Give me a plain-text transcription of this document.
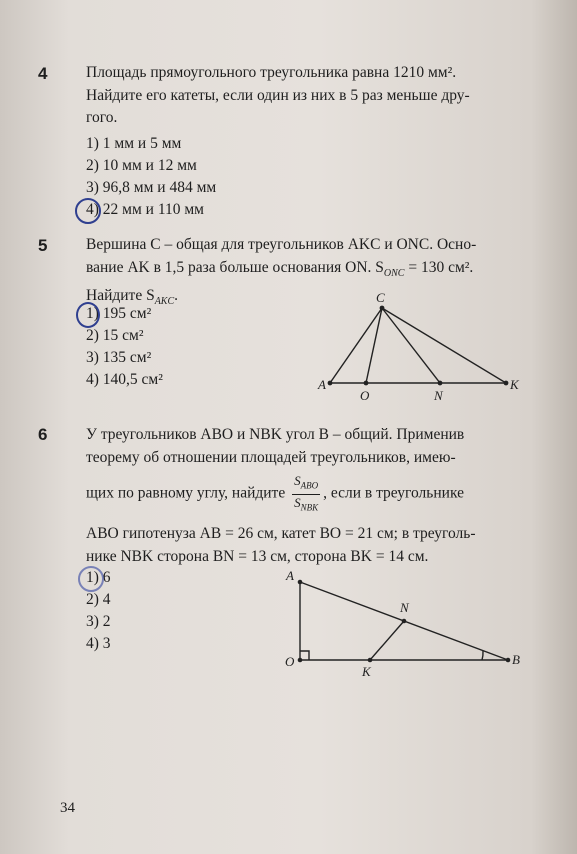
4 Площадь прямоугольного треугольника равна 1210 мм².
Найдите его катеты, если один из них в 5 раз меньше дру-
гого.
1) 1 мм и 5 мм
2) 10 мм и 12 мм
3) 96,8 мм и 484 мм
4) 22 мм и 110 мм
5 Вершина C – общая для треугольников AKC и ONC. Осно-
вание AK в 1,5 раза больше основания ON. $S_{ONC} = 130$ см².
Найдите $S_{AKC}$.
1) 195 см²
2) 15 см²
3) 135 см²
4) 140,5 см²
C
A
O	N
K
6 У треугольников ABO и NBK угол B – общий. Применив
теорему об отношении площадей треугольников, имею-
щих по равному углу, найдите $\frac{S_{ABO}}{S_{NBK}}$ , если в треугольнике
ABO гипотенуза AB = 26 см, катет BO = 21 см; в треуголь-
нике NBK сторона BN = 13 см, сторона BK = 14 см.
1) 6
2) 4
3) 2
4) 3
A
O
K
N
B
34
